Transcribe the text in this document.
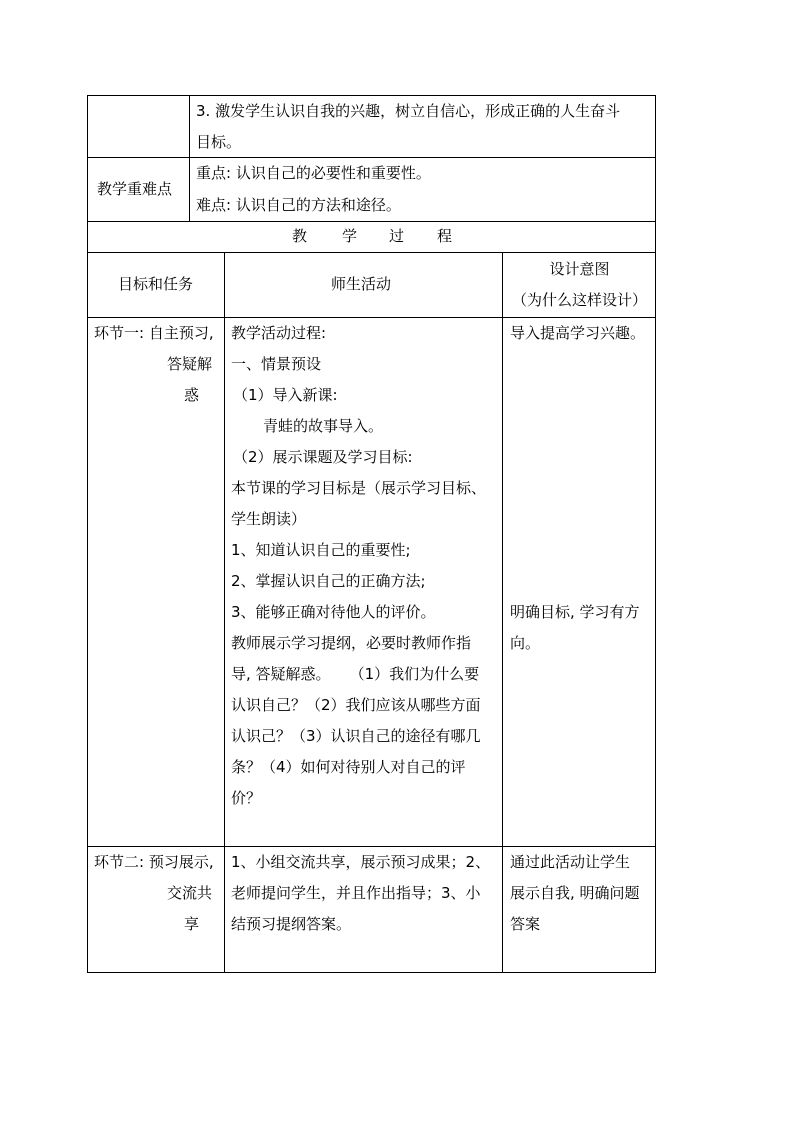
3. 激发学生认识自我的兴趣，树立自信心，形成正确的人生奋斗
目标。
教学重难点
重点: 认识自己的必要性和重要性。
难点: 认识自己的方法和途径。
教 学 过 程
目标和任务	师生活动
设计意图
（为什么这样设计）
环节一: 自主预习,
答疑解
惑
教学活动过程:
一、情景预设
（1）导入新课:
青蛙的故事导入。
（2）展示课题及学习目标:
本节课的学习目标是（展示学习目标、
学生朗读）
1、知道认识自己的重要性;
2、掌握认识自己的正确方法;
3、能够正确对待他人的评价。
教师展示学习提纲，必要时教师作指
导, 答疑解惑。    （1）我们为什么要
认识自己？（2）我们应该从哪些方面
认识己？（3）认识自己的途径有哪几
条？（4）如何对待别人对自己的评
价？
导入提高学习兴趣。
明确目标, 学习有方
向。
环节二: 预习展示,
交流共
享
1、小组交流共享，展示预习成果；2、
老师提问学生，并且作出指导；3、小
结预习提纲答案。
通过此活动让学生
展示自我, 明确问题
答案
